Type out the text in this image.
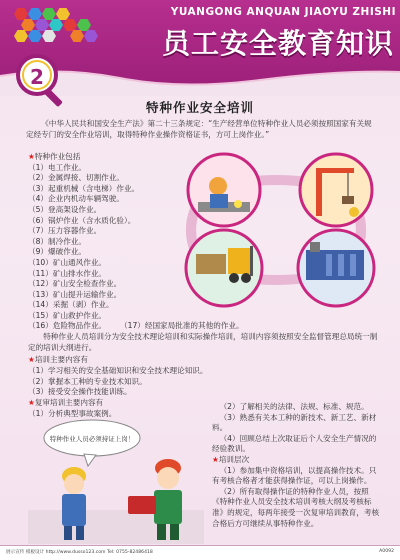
YUANGONG ANQUAN JIAOYU ZHISHI
员工安全教育知识
2
特种作业安全培训
《中华人民共和国安全生产法》第二十三条规定：“生产经营单位特种作业人员必须按照国家有关规定经专门的安全作业培训，取得特种作业操作资格证书，方可上岗作业。”
★特种作业包括
（1）电工作业。
（2）金属焊接、切割作业。
（3）起重机械（含电梯）作业。
（4）企业内机动车辆驾驶。
（5）登高架设作业。
（6）锅炉作业（含水质化验）。
（7）压力容器作业。
（8）制冷作业。
（9）爆破作业。
（10）矿山通风作业。
（11）矿山排水作业。
（12）矿山安全检查作业。
（13）矿山提升运输作业。
（14）采掘（剥）作业。
（15）矿山救护作业。
（16）危险物品作业。 （17）经国家局批准的其他的作业。
特种作业人员培训分为安全技术理论培训和实际操作培训，培训内容须按照安全监督管理总局统一制定的培训大纲进行。
★培训主要内容有
（1）学习相关的安全基础知识和安全技术理论知识。
（2）掌握本工种的专业技术知识。
（3）接受安全操作技能训练。
★复审培训主要内容有
（1）分析典型事故案例。

（2）了解相关的法律、法规、标准、规范。

（3）熟悉有关本工种的新技术、新工艺、新材料。

（4）回顾总结上次取证后个人安全生产情况的经验教训。

★培训层次

（1）参加集中资格培训，以提高操作技术。只有考核合格者才能获得操作证，可以上岗操作。

（2）所有取得操作证的特种作业人员，按照《特种作业人员安全技术培训考核大纲及考核标准》的规定，每两年接受一次复审培训教育，考核合格后方可继续从事特种作业。

特种作业人员必须持证上岗！
展示宣传 模板设计 http://www.dusso123.com Tel: 0755-82486418	A0092
